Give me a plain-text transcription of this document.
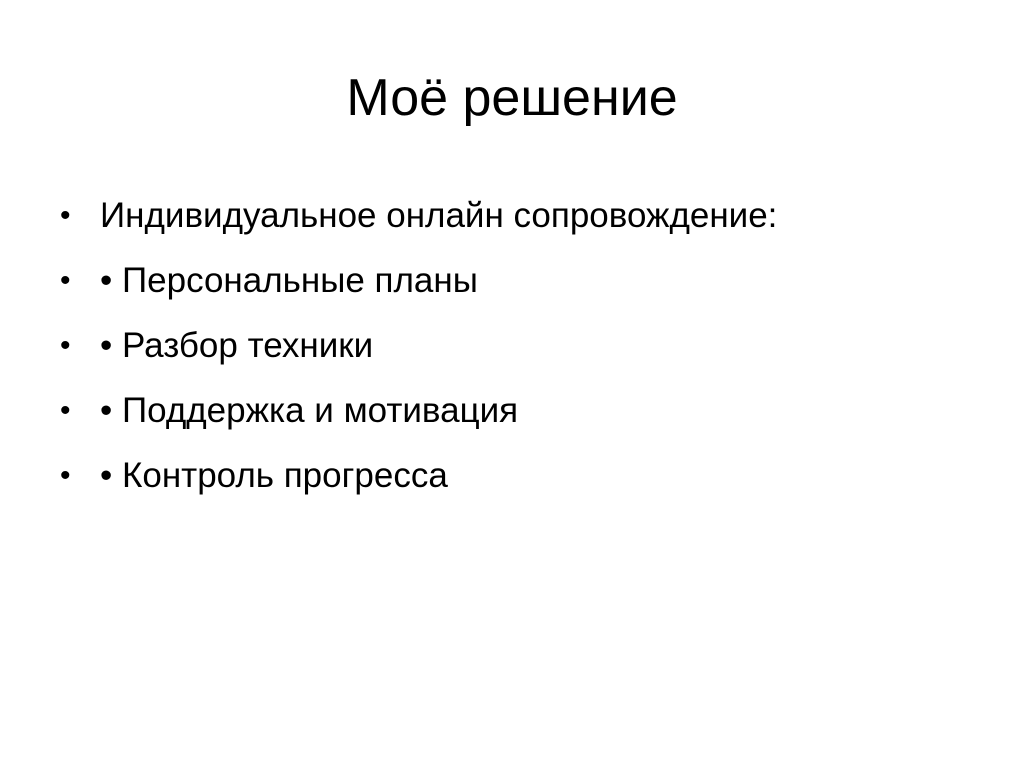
Моё решение
• Индивидуальное онлайн сопровождение:
• • Персональные планы
• • Разбор техники
• • Поддержка и мотивация
• • Контроль прогресса
